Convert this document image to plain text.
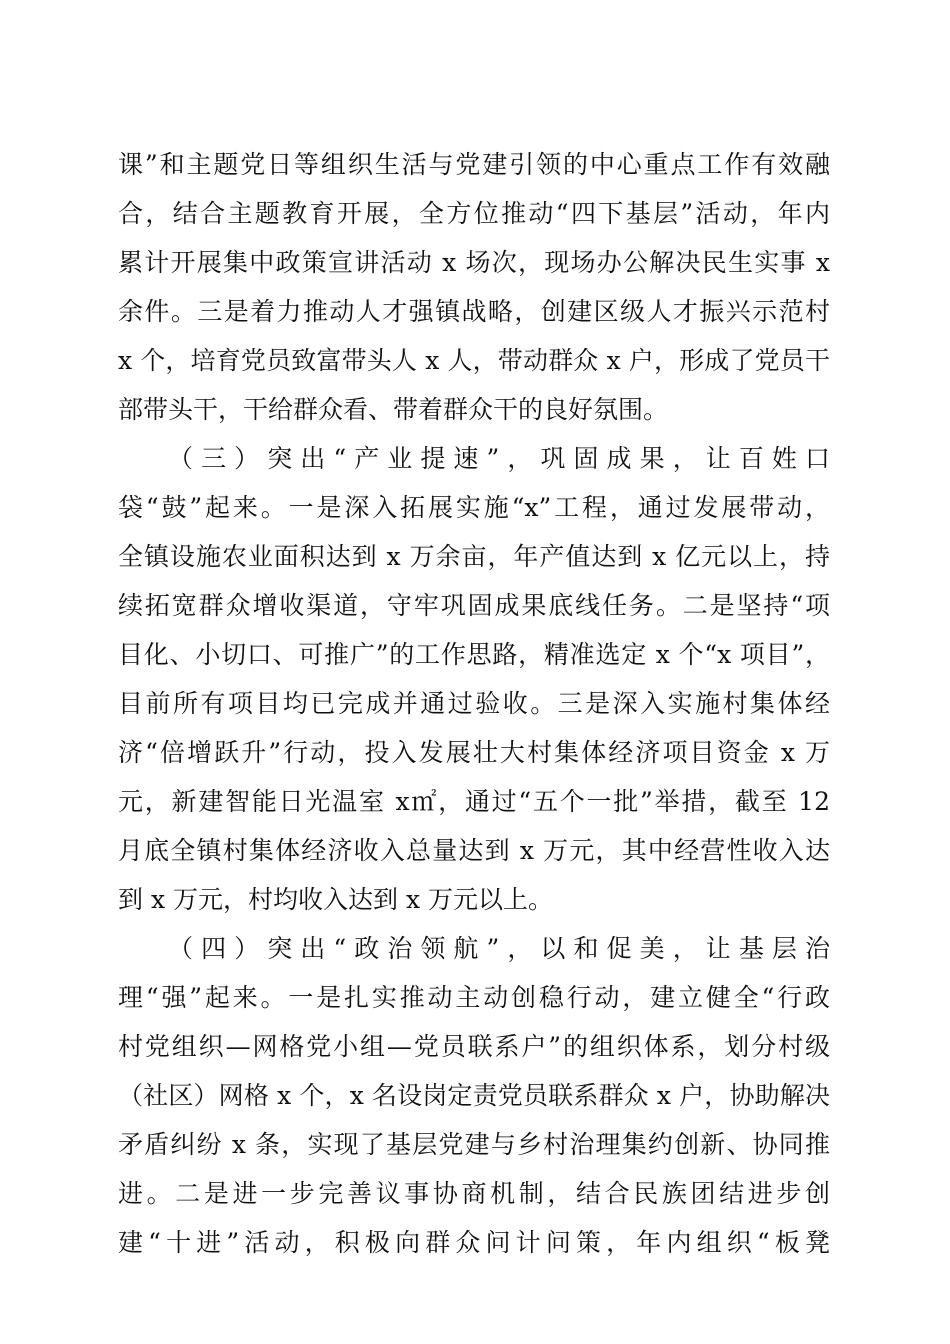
课”和主题党日等组织生活与党建引领的中心重点工作有效融
合，结合主题教育开展，全方位推动“四下基层”活动，年内
累计开展集中政策宣讲活动 x 场次，现场办公解决民生实事 x
余件。三是着力推动人才强镇战略，创建区级人才振兴示范村
x 个，培育党员致富带头人 x 人，带动群众 x 户，形成了党员干
部带头干，干给群众看、带着群众干的良好氛围。
（三）突出“产业提速”，巩固成果，让百姓口
袋“鼓”起来。一是深入拓展实施“x”工程，通过发展带动，
全镇设施农业面积达到 x 万余亩，年产值达到 x 亿元以上，持
续拓宽群众增收渠道，守牢巩固成果底线任务。二是坚持“项
目化、小切口、可推广”的工作思路，精准选定 x 个“x 项目”，
目前所有项目均已完成并通过验收。三是深入实施村集体经
济“倍增跃升”行动，投入发展壮大村集体经济项目资金 x 万
元，新建智能日光温室 x㎡，通过“五个一批”举措，截至 12
月底全镇村集体经济收入总量达到 x 万元，其中经营性收入达
到 x 万元，村均收入达到 x 万元以上。
（四）突出“政治领航”，以和促美，让基层治
理“强”起来。一是扎实推动主动创稳行动，建立健全“行政
村党组织—网格党小组—党员联系户”的组织体系，划分村级
（社区）网格 x 个，x 名设岗定责党员联系群众 x 户，协助解决
矛盾纠纷 x 条，实现了基层党建与乡村治理集约创新、协同推
进。二是进一步完善议事协商机制，结合民族团结进步创
建“十进”活动，积极向群众问计问策，年内组织“板凳
